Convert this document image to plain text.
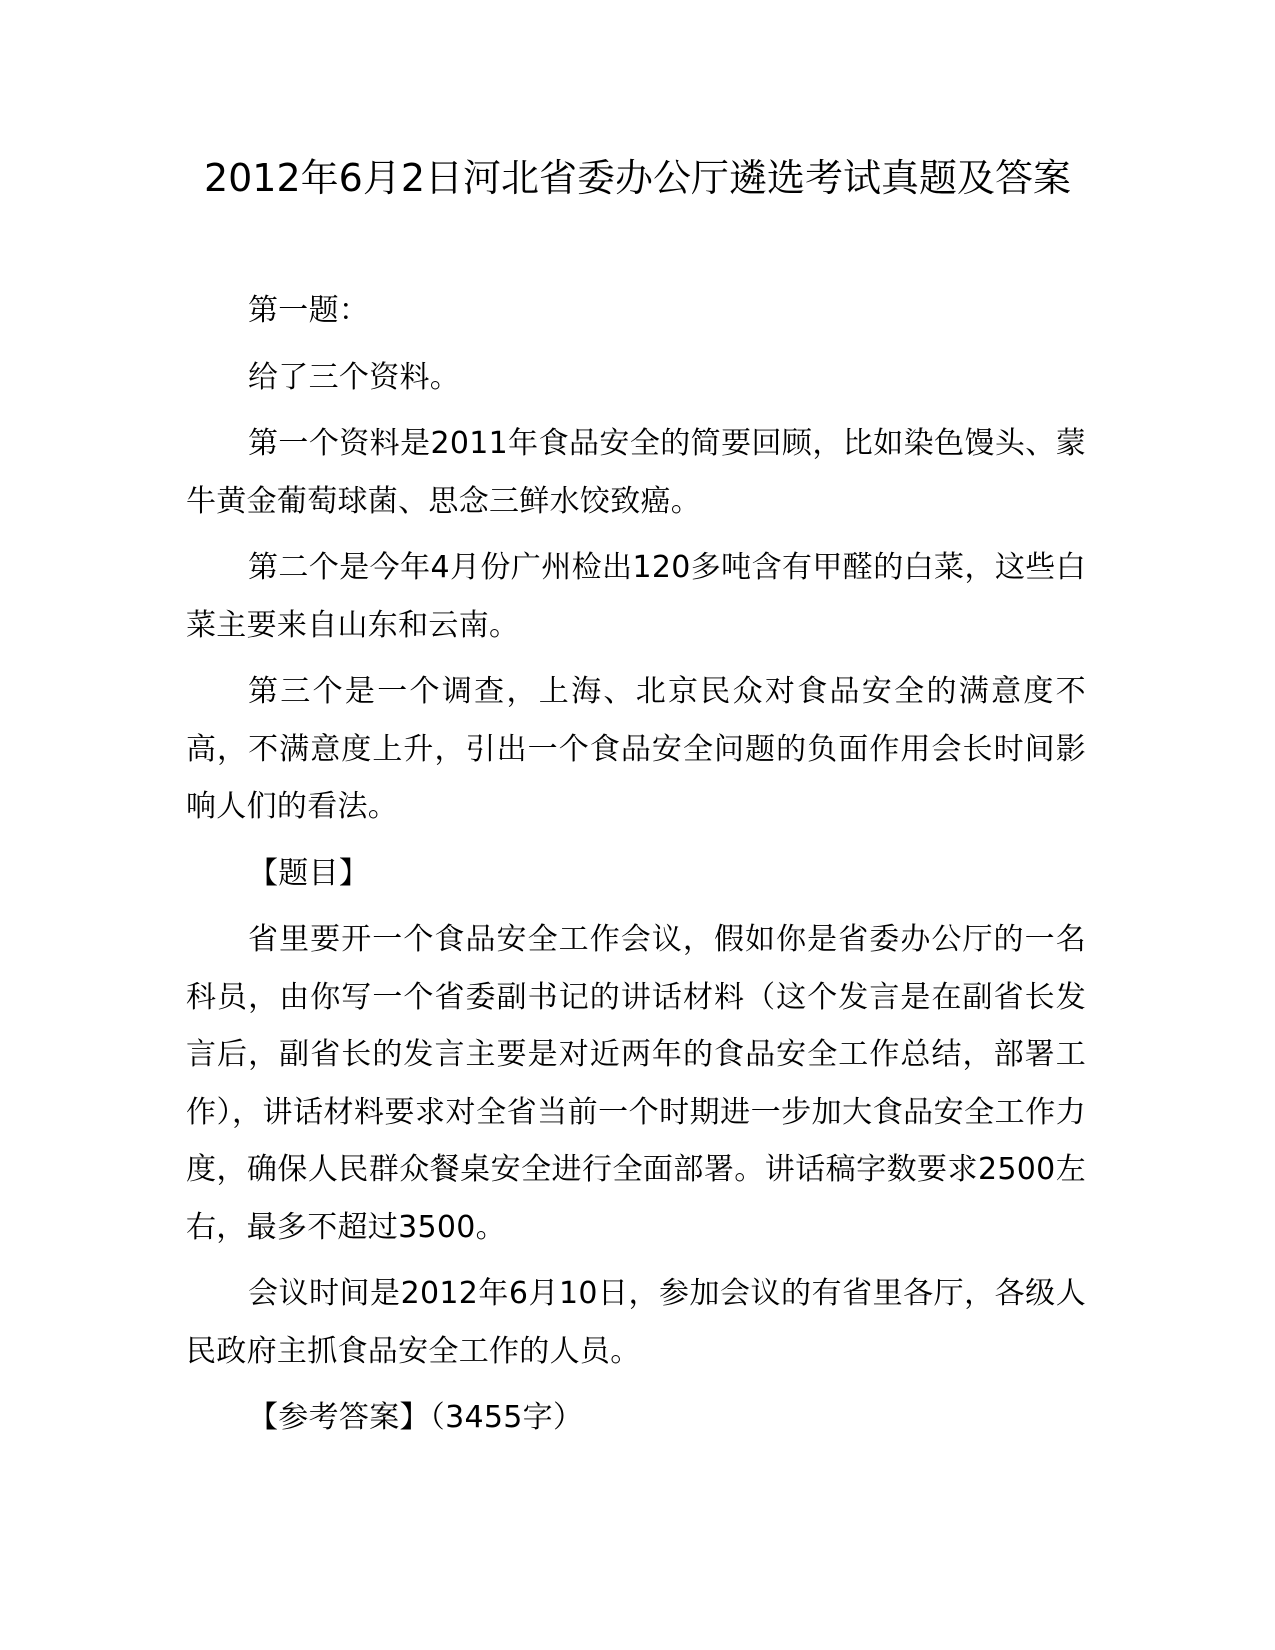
2012年6月2日河北省委办公厅遴选考试真题及答案

第一题：

给了三个资料。

第一个资料是2011年食品安全的简要回顾，比如染色馒头、蒙牛黄金葡萄球菌、思念三鲜水饺致癌。

第二个是今年4月份广州检出120多吨含有甲醛的白菜，这些白菜主要来自山东和云南。

第三个是一个调查，上海、北京民众对食品安全的满意度不高，不满意度上升，引出一个食品安全问题的负面作用会长时间影响人们的看法。

【题目】

省里要开一个食品安全工作会议，假如你是省委办公厅的一名科员，由你写一个省委副书记的讲话材料（这个发言是在副省长发言后，副省长的发言主要是对近两年的食品安全工作总结，部署工作），讲话材料要求对全省当前一个时期进一步加大食品安全工作力度，确保人民群众餐桌安全进行全面部署。讲话稿字数要求2500左右，最多不超过3500。

会议时间是2012年6月10日，参加会议的有省里各厅，各级人民政府主抓食品安全工作的人员。

【参考答案】（3455字）
